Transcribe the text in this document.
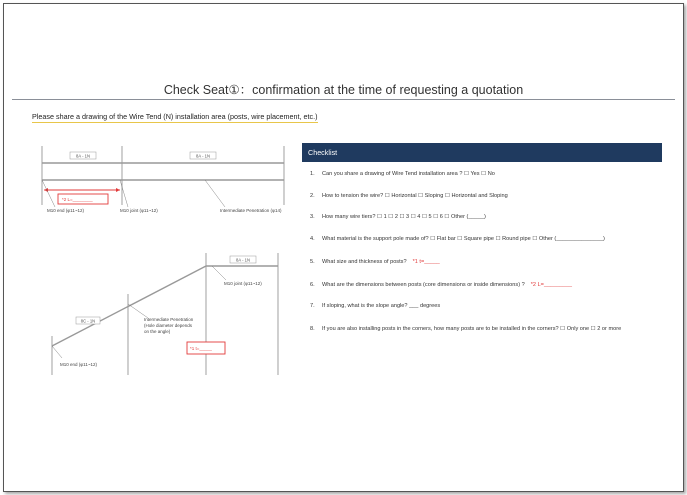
Check Seat①：confirmation at the time of requesting a quotation
Please share a drawing of the Wire Tend (N) installation area (posts, wire placement, etc.)
8A - 1N	8A - 1N
*2 L=________
M10 end (φ11~12)	M10 joint (φ11~12)	Intermediate Penetration (φ14)
8A - 1N
8C - 1N
M10 joint (φ11~12)
Intermediate Penetration
(Hole diameter depends
on the angle)
*1 t=_____
M10 end (φ11~12)
Checklist
1. Can you share a drawing of Wire Tend installation area ? ☐ Yes ☐ No
2. How to tension the wire? ☐ Horizontal ☐ Sloping ☐ Horizontal and Sloping
3. How many wire tiers? ☐ 1 ☐ 2 ☐ 3 ☐ 4 ☐ 5 ☐ 6 ☐ Other (_____)
4. What material is the support pole made of? ☐ Flat bar ☐ Square pipe ☐ Round pipe ☐ Other (_______________)
5. What size and thickness of posts? *1 t=_____
6. What are the dimensions between posts (core dimensions or inside dimensions) ? *2 L=_________
7. If sloping, what is the slope angle? ___ degrees
8. If you are also installing posts in the corners, how many posts are to be installed in the corners? ☐ Only one ☐ 2 or more
